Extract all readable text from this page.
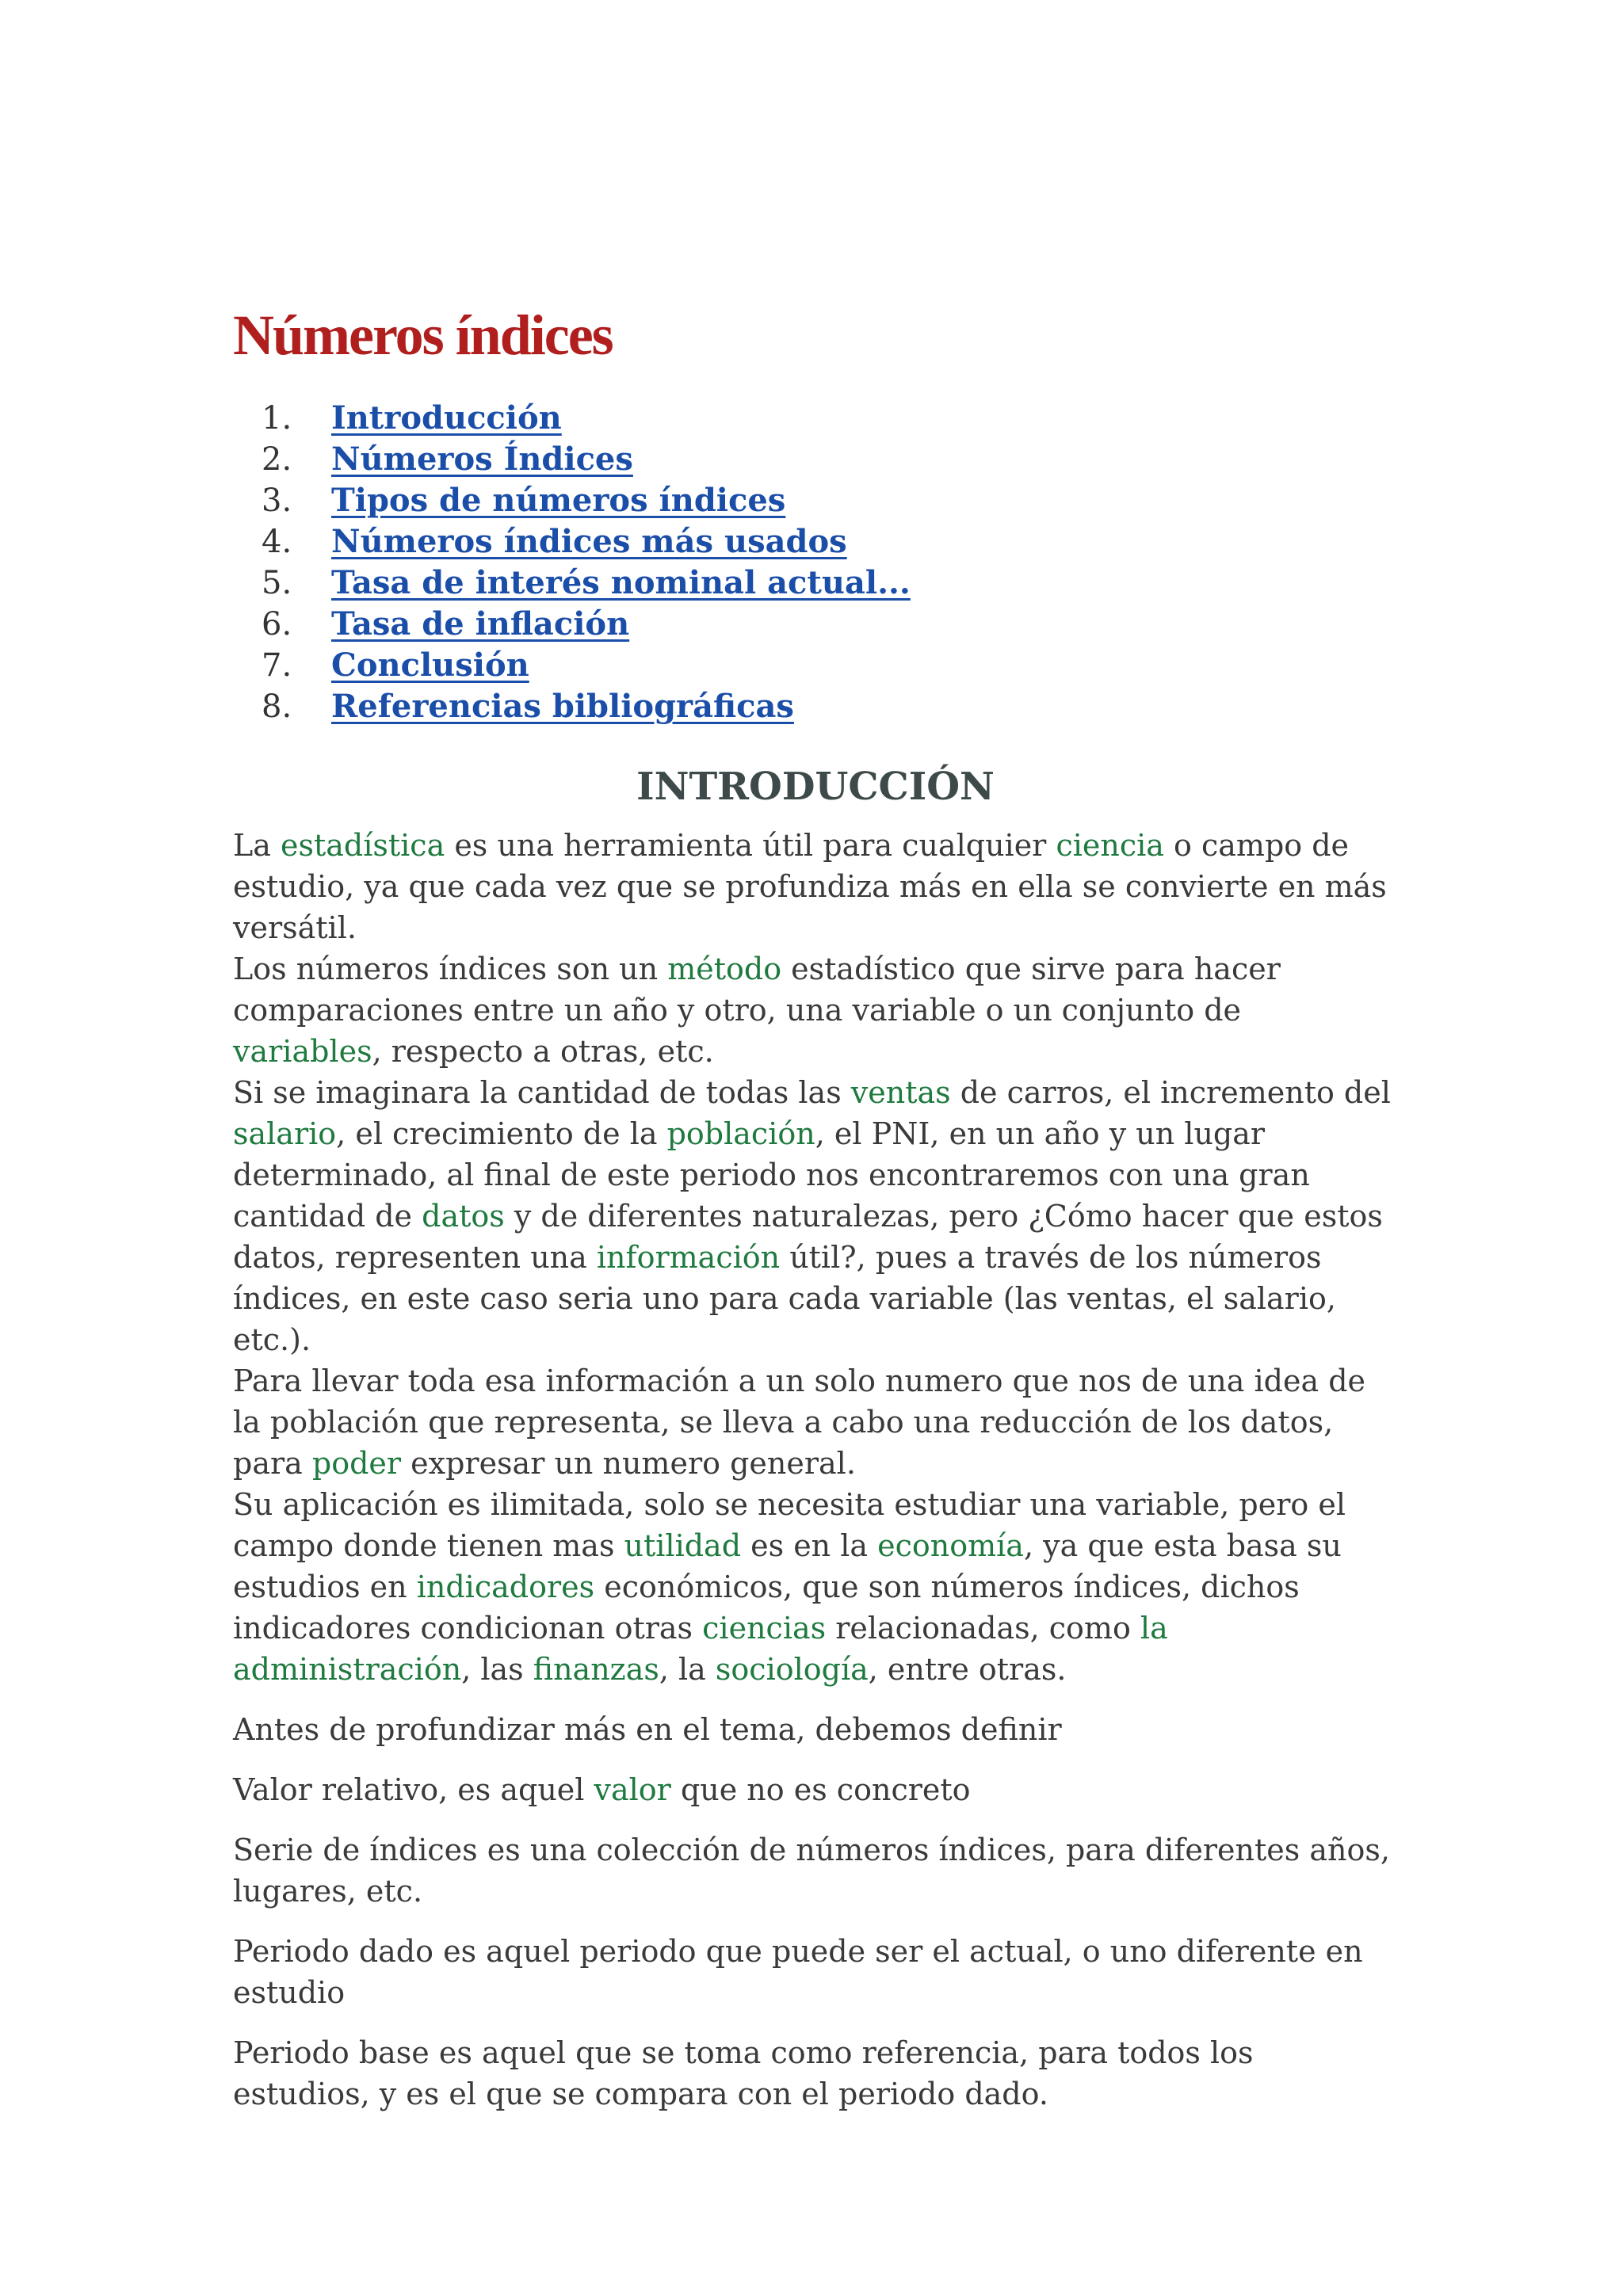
Números índices
1.	Introducción
2.	Números Índices
3.	Tipos de números índices
4.	Números índices más usados
5.	Tasa de interés nominal actual...
6.	Tasa de inflación
7.	Conclusión
8.	Referencias bibliográficas
INTRODUCCIÓN

La estadística es una herramienta útil para cualquier ciencia o campo de estudio, ya que cada vez que se profundiza más en ella se convierte en más versátil.

Los números índices son un método estadístico que sirve para hacer comparaciones entre un año y otro, una variable o un conjunto de variables, respecto a otras, etc.

Si se imaginara la cantidad de todas las ventas de carros, el incremento del salario, el crecimiento de la población, el PNI, en un año y un lugar determinado, al final de este periodo nos encontraremos con una gran cantidad de datos y de diferentes naturalezas, pero ¿Cómo hacer que estos datos, representen una información útil?, pues a través de los números índices, en este caso seria uno para cada variable (las ventas, el salario, etc.).

Para llevar toda esa información a un solo numero que nos de una idea de la población que representa, se lleva a cabo una reducción de los datos, para poder expresar un numero general.

Su aplicación es ilimitada, solo se necesita estudiar una variable, pero el campo donde tienen mas utilidad es en la economía, ya que esta basa su estudios en indicadores económicos, que son números índices, dichos indicadores condicionan otras ciencias relacionadas, como la administración, las finanzas, la sociología, entre otras.

Antes de profundizar más en el tema, debemos definir

Valor relativo, es aquel valor que no es concreto

Serie de índices es una colección de números índices, para diferentes años, lugares, etc.

Periodo dado es aquel periodo que puede ser el actual, o uno diferente en estudio

Periodo base es aquel que se toma como referencia, para todos los estudios, y es el que se compara con el periodo dado.
